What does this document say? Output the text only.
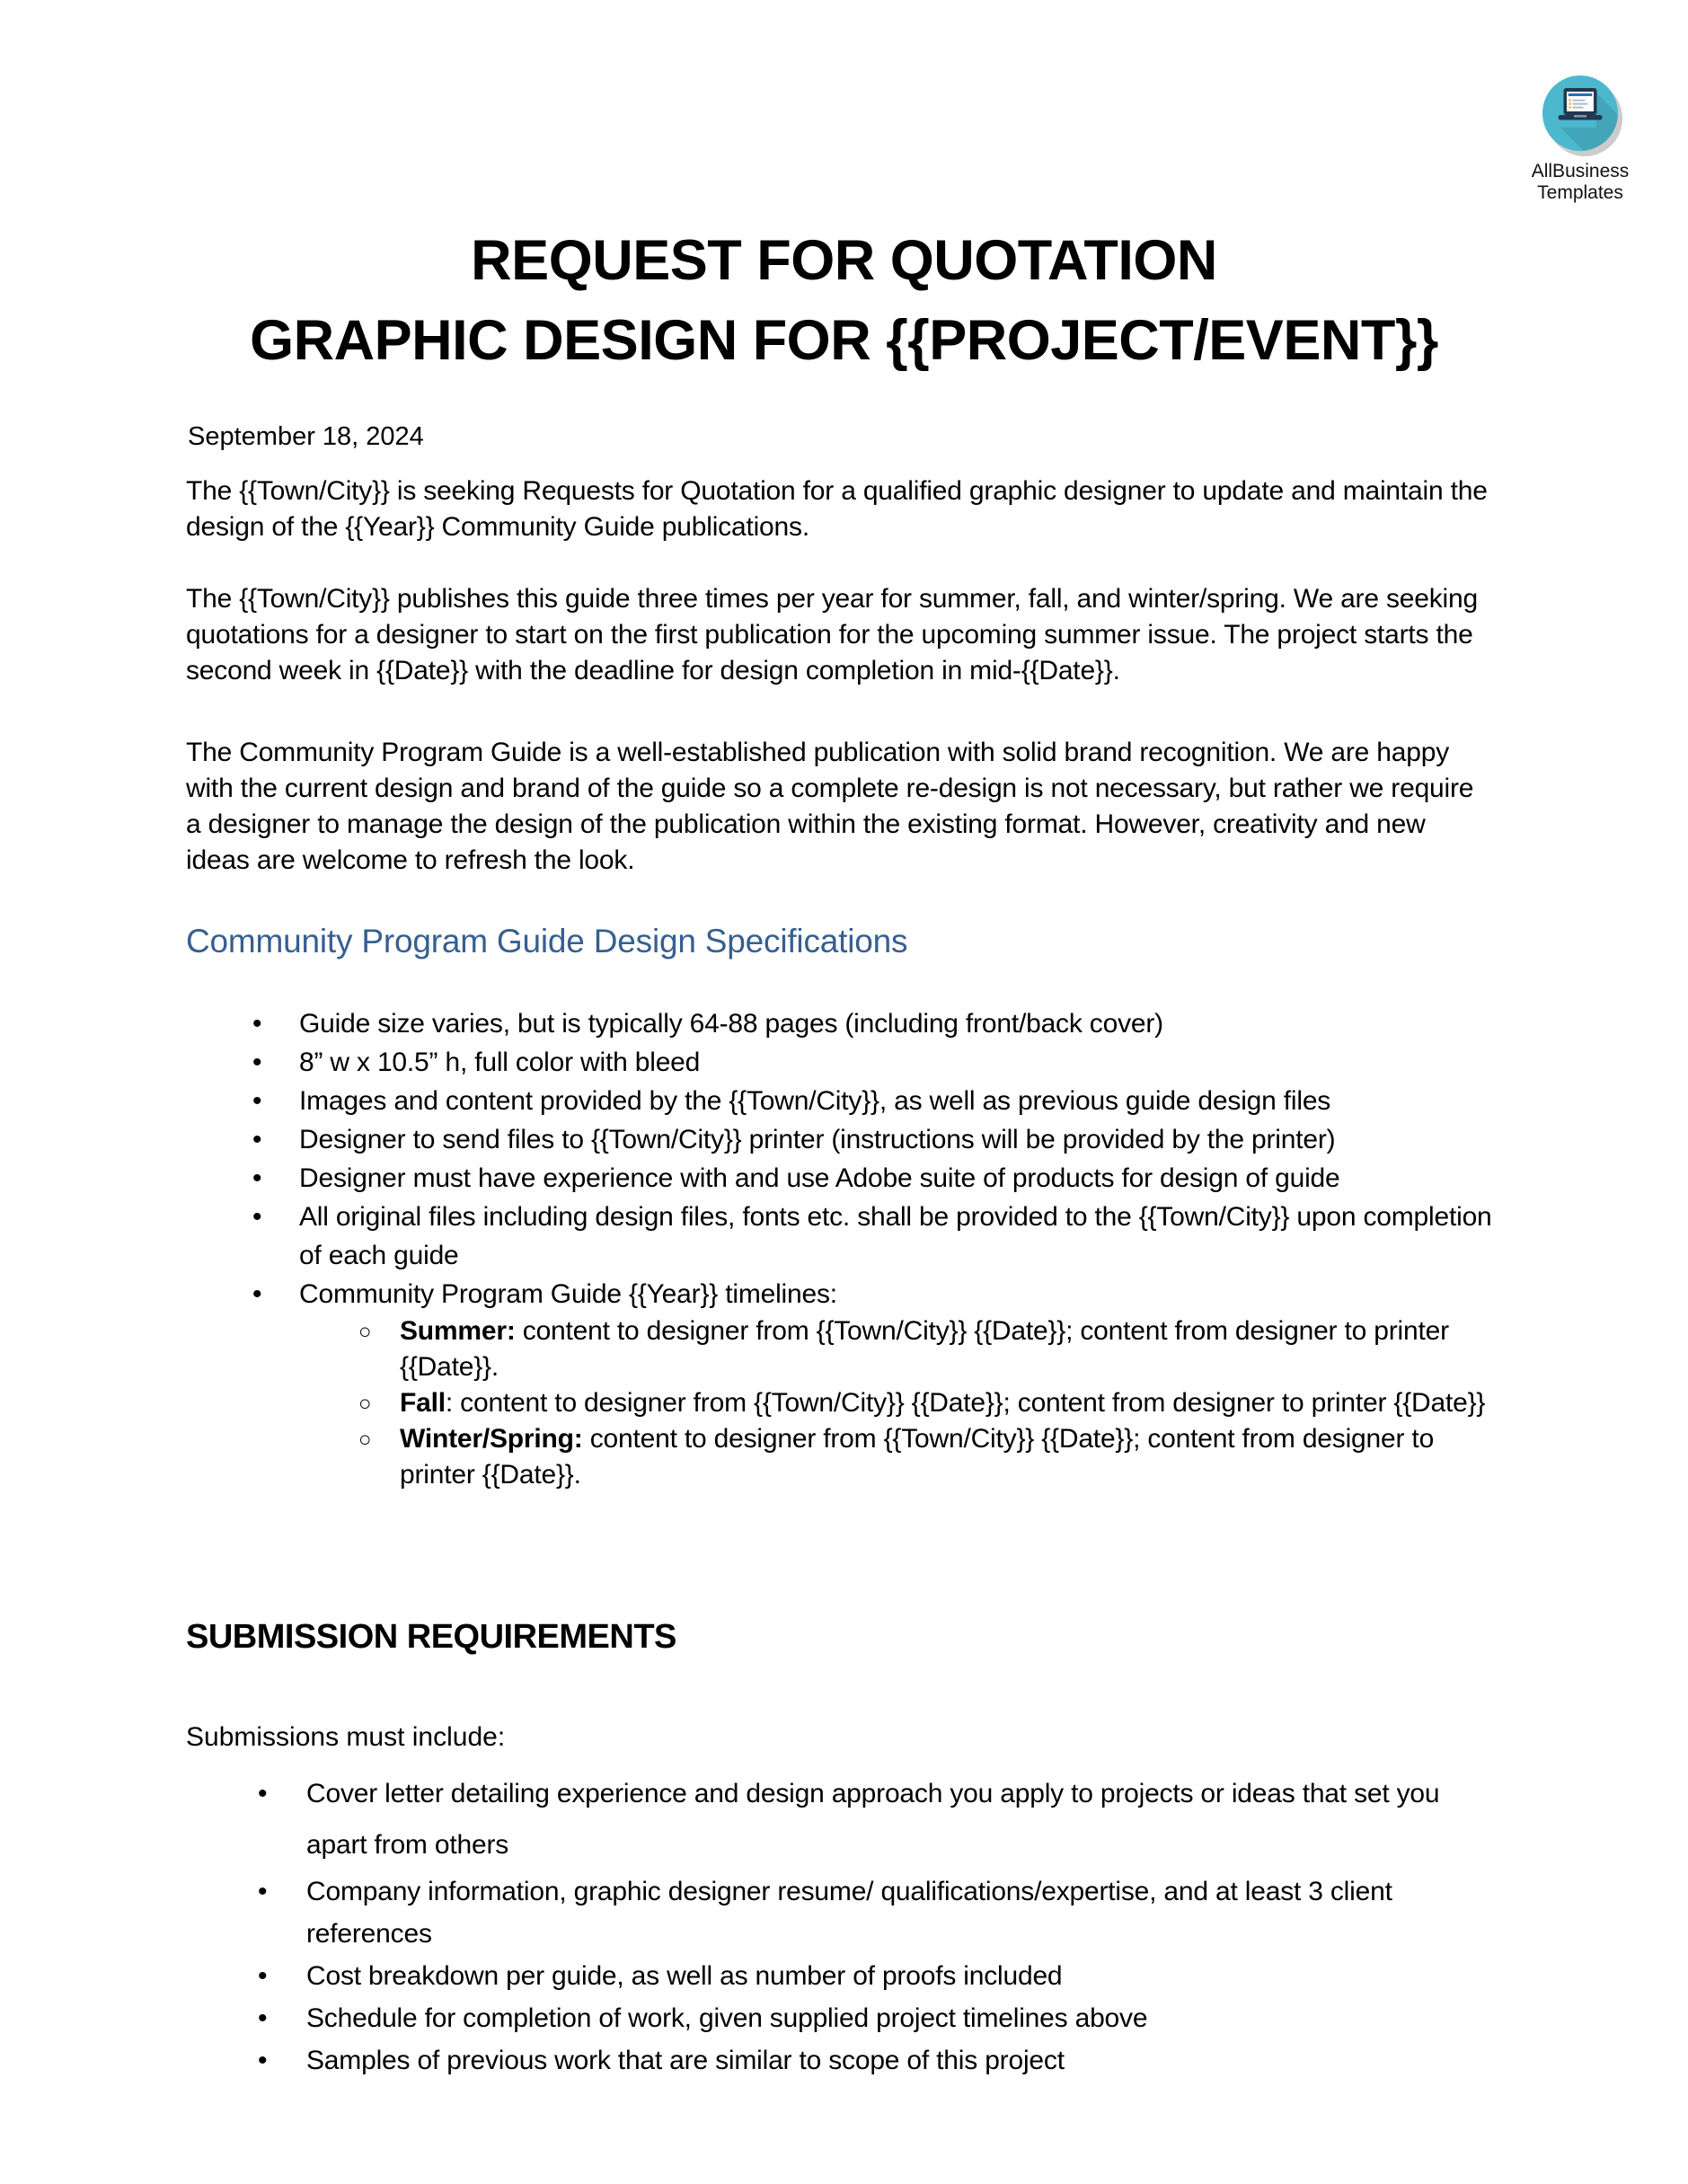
AllBusiness
Templates
REQUEST FOR QUOTATION
GRAPHIC DESIGN FOR {{PROJECT/EVENT}}
September 18, 2024

The {{Town/City}} is seeking Requests for Quotation for a qualified graphic designer to update and maintain the design of the {{Year}} Community Guide publications.

The {{Town/City}} publishes this guide three times per year for summer, fall, and winter/spring. We are seeking quotations for a designer to start on the first publication for the upcoming summer issue. The project starts the second week in {{Date}} with the deadline for design completion in mid-{{Date}}.

The Community Program Guide is a well-established publication with solid brand recognition. We are happy with the current design and brand of the guide so a complete re-design is not necessary, but rather we require a designer to manage the design of the publication within the existing format. However, creativity and new ideas are welcome to refresh the look.

Community Program Guide Design Specifications
• Guide size varies, but is typically 64-88 pages (including front/back cover)
• 8” w x 10.5” h, full color with bleed
• Images and content provided by the {{Town/City}}, as well as previous guide design files
• Designer to send files to {{Town/City}} printer (instructions will be provided by the printer)
• Designer must have experience with and use Adobe suite of products for design of guide
• All original files including design files, fonts etc. shall be provided to the {{Town/City}} upon completion of each guide
• Community Program Guide {{Year}} timelines:
○ Summer: content to designer from {{Town/City}} {{Date}}; content from designer to printer {{Date}}.
○ Fall: content to designer from {{Town/City}} {{Date}}; content from designer to printer {{Date}}
○ Winter/Spring: content to designer from {{Town/City}} {{Date}}; content from designer to printer {{Date}}.
SUBMISSION REQUIREMENTS
Submissions must include:
• Cover letter detailing experience and design approach you apply to projects or ideas that set you apart from others
• Company information, graphic designer resume/ qualifications/expertise, and at least 3 client references
• Cost breakdown per guide, as well as number of proofs included
• Schedule for completion of work, given supplied project timelines above
• Samples of previous work that are similar to scope of this project
